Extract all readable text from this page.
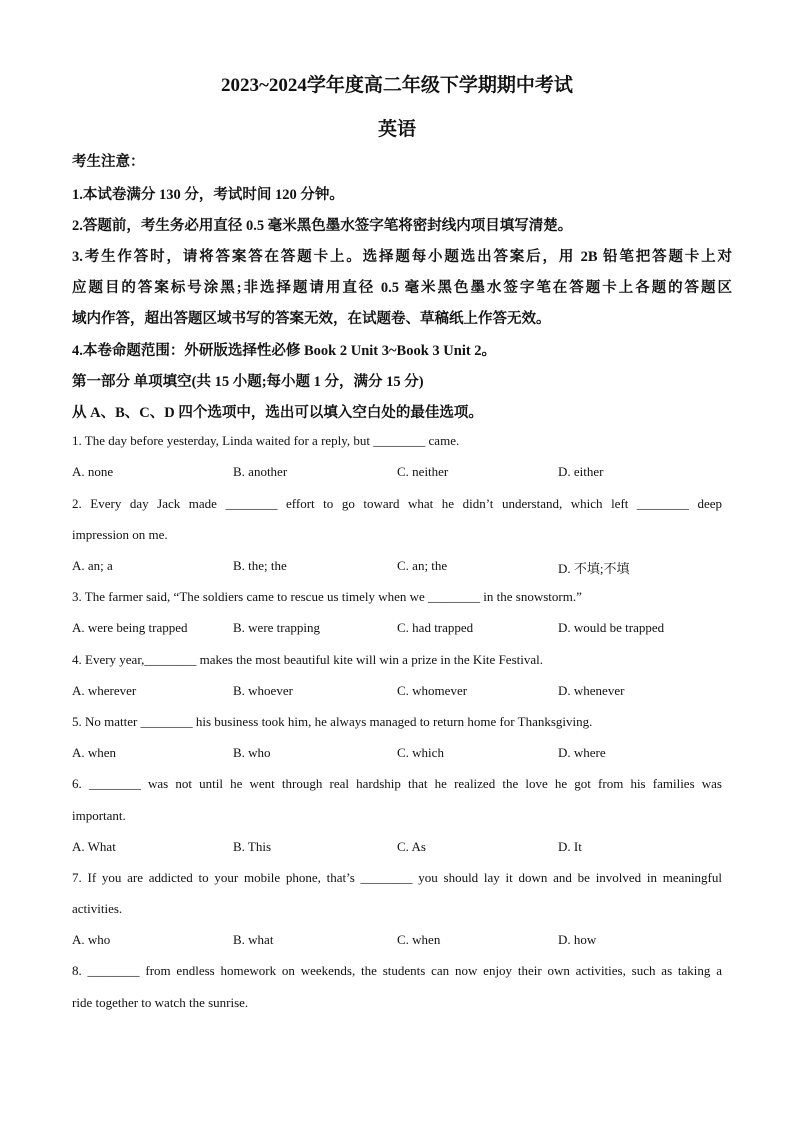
2023~2024学年度高二年级下学期期中考试
英语
考生注意：
1.本试卷满分 130 分，考试时间 120 分钟。
2.答题前，考生务必用直径 0.5 毫米黑色墨水签字笔将密封线内项目填写清楚。
3.考生作答时，请将答案答在答题卡上。选择题每小题选出答案后，用 2B 铅笔把答题卡上对
应题目的答案标号涂黑;非选择题请用直径 0.5 毫米黑色墨水签字笔在答题卡上各题的答题区
域内作答，超出答题区域书写的答案无效，在试题卷、草稿纸上作答无效。
4.本卷命题范围：外研版选择性必修 Book 2 Unit 3~Book 3 Unit 2。
第一部分 单项填空(共 15 小题;每小题 1 分，满分 15 分)
从 A、B、C、D 四个选项中，选出可以填入空白处的最佳选项。
1. The day before yesterday, Linda waited for a reply, but ________ came.
A. none	B. another	C. neither	D. either
2. Every day Jack made ________ effort to go toward what he didn’t understand, which left ________ deep
impression on me.
A. an; a	B. the; the	C. an; the	D. 不填;不填
3. The farmer said, “The soldiers came to rescue us timely when we ________ in the snowstorm.”
A. were being trapped	B. were trapping	C. had trapped	D. would be trapped
4. Every year,________ makes the most beautiful kite will win a prize in the Kite Festival.
A. wherever	B. whoever	C. whomever	D. whenever
5. No matter ________ his business took him, he always managed to return home for Thanksgiving.
A. when	B. who	C. which	D. where
6. ________ was not until he went through real hardship that he realized the love he got from his families was
important.
A. What	B. This	C. As	D. It
7. If you are addicted to your mobile phone, that’s ________ you should lay it down and be involved in meaningful
activities.
A. who	B. what	C. when	D. how
8. ________ from endless homework on weekends, the students can now enjoy their own activities, such as taking a
ride together to watch the sunrise.
